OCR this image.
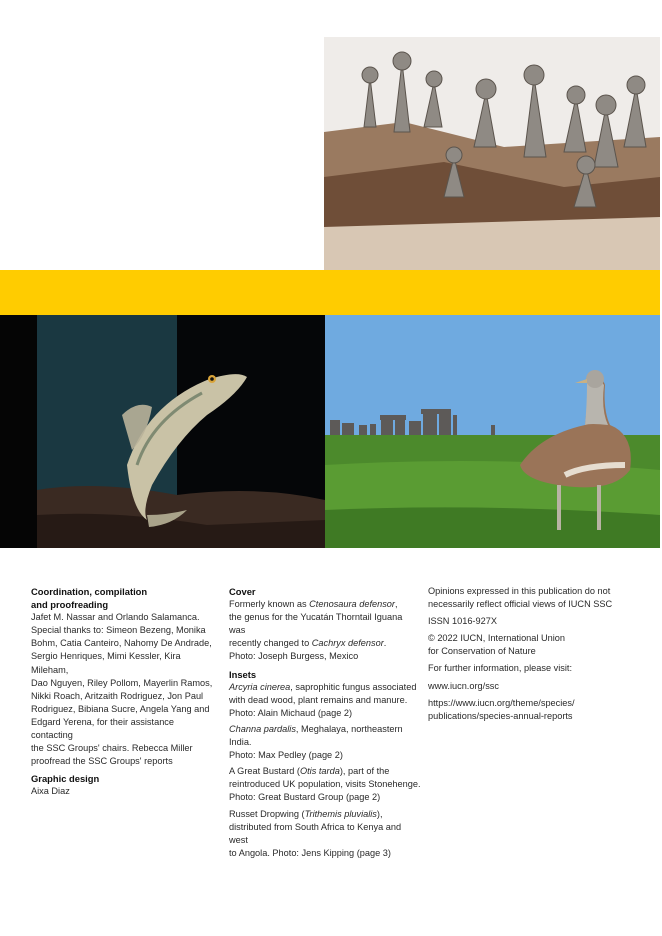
Coordination, compilation
and proofreading
Jafet M. Nassar and Orlando Salamanca.
Special thanks to: Simeon Bezeng, Monika
Bohm, Catia Canteiro, Nahomy De Andrade,
Sergio Henriques, Mimi Kessler, Kira Mileham,
Dao Nguyen, Riley Pollom, Mayerlin Ramos,
Nikki Roach, Aritzaith Rodriguez, Jon Paul
Rodriguez, Bibiana Sucre, Angela Yang and
Edgard Yerena, for their assistance contacting
the SSC Groups' chairs. Rebecca Miller
proofread the SSC Groups' reports
Graphic design
Aixa Diaz
Cover
Formerly known as Ctenosaura defensor,
the genus for the Yucatán Thorntail Iguana was
recently changed to Cachryx defensor.
Photo: Joseph Burgess, Mexico
Insets
Arcyria cinerea, saprophitic fungus associated
with dead wood, plant remains and manure.
Photo: Alain Michaud (page 2)
Channa pardalis, Meghalaya, northeastern India.
Photo: Max Pedley (page 2)
A Great Bustard (Otis tarda), part of the
reintroduced UK population, visits Stonehenge.
Photo: Great Bustard Group (page 2)
Russet Dropwing (Trithemis pluvialis),
distributed from South Africa to Kenya and west
to Angola. Photo: Jens Kipping (page 3)
Opinions expressed in this publication do not
necessarily reflect official views of IUCN SSC
ISSN 1016-927X
© 2022 IUCN, International Union
for Conservation of Nature
For further information, please visit:
www.iucn.org/ssc
https://www.iucn.org/theme/species/
publications/species-annual-reports
